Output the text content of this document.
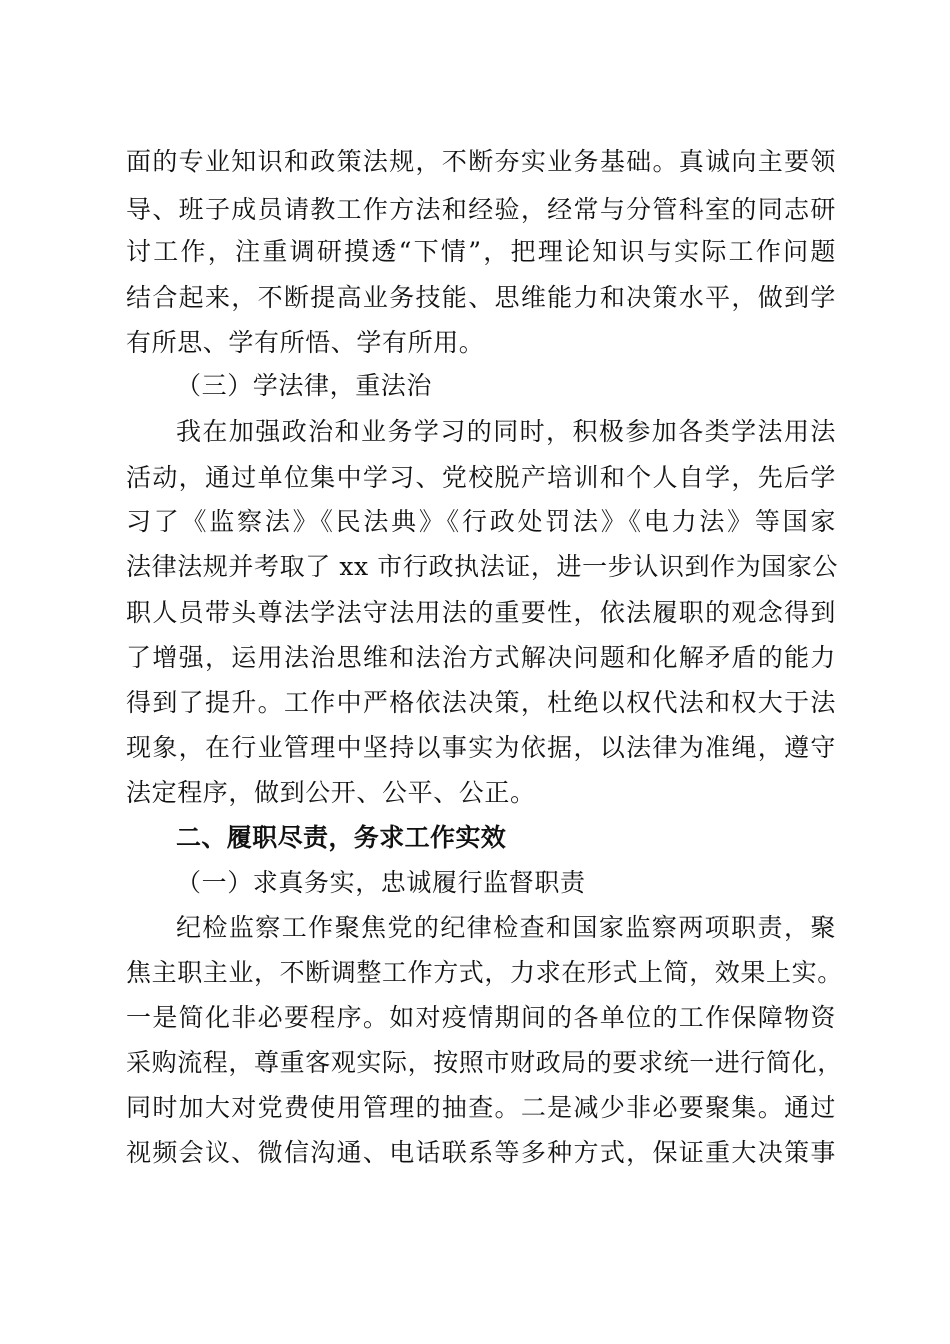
面的专业知识和政策法规，不断夯实业务基础。真诚向主要领
导、班子成员请教工作方法和经验，经常与分管科室的同志研
讨工作，注重调研摸透“下情”，把理论知识与实际工作问题
结合起来，不断提高业务技能、思维能力和决策水平，做到学
有所思、学有所悟、学有所用。
（三）学法律，重法治
我在加强政治和业务学习的同时，积极参加各类学法用法
活动，通过单位集中学习、党校脱产培训和个人自学，先后学
习了《监察法》《民法典》《行政处罚法》《电力法》等国家
法律法规并考取了 xx 市行政执法证，进一步认识到作为国家公
职人员带头尊法学法守法用法的重要性，依法履职的观念得到
了增强，运用法治思维和法治方式解决问题和化解矛盾的能力
得到了提升。工作中严格依法决策，杜绝以权代法和权大于法
现象，在行业管理中坚持以事实为依据，以法律为准绳，遵守
法定程序，做到公开、公平、公正。
二、履职尽责，务求工作实效
（一）求真务实，忠诚履行监督职责
纪检监察工作聚焦党的纪律检查和国家监察两项职责，聚
焦主职主业，不断调整工作方式，力求在形式上简，效果上实。
一是简化非必要程序。如对疫情期间的各单位的工作保障物资
采购流程，尊重客观实际，按照市财政局的要求统一进行简化，
同时加大对党费使用管理的抽查。二是减少非必要聚集。通过
视频会议、微信沟通、电话联系等多种方式，保证重大决策事
